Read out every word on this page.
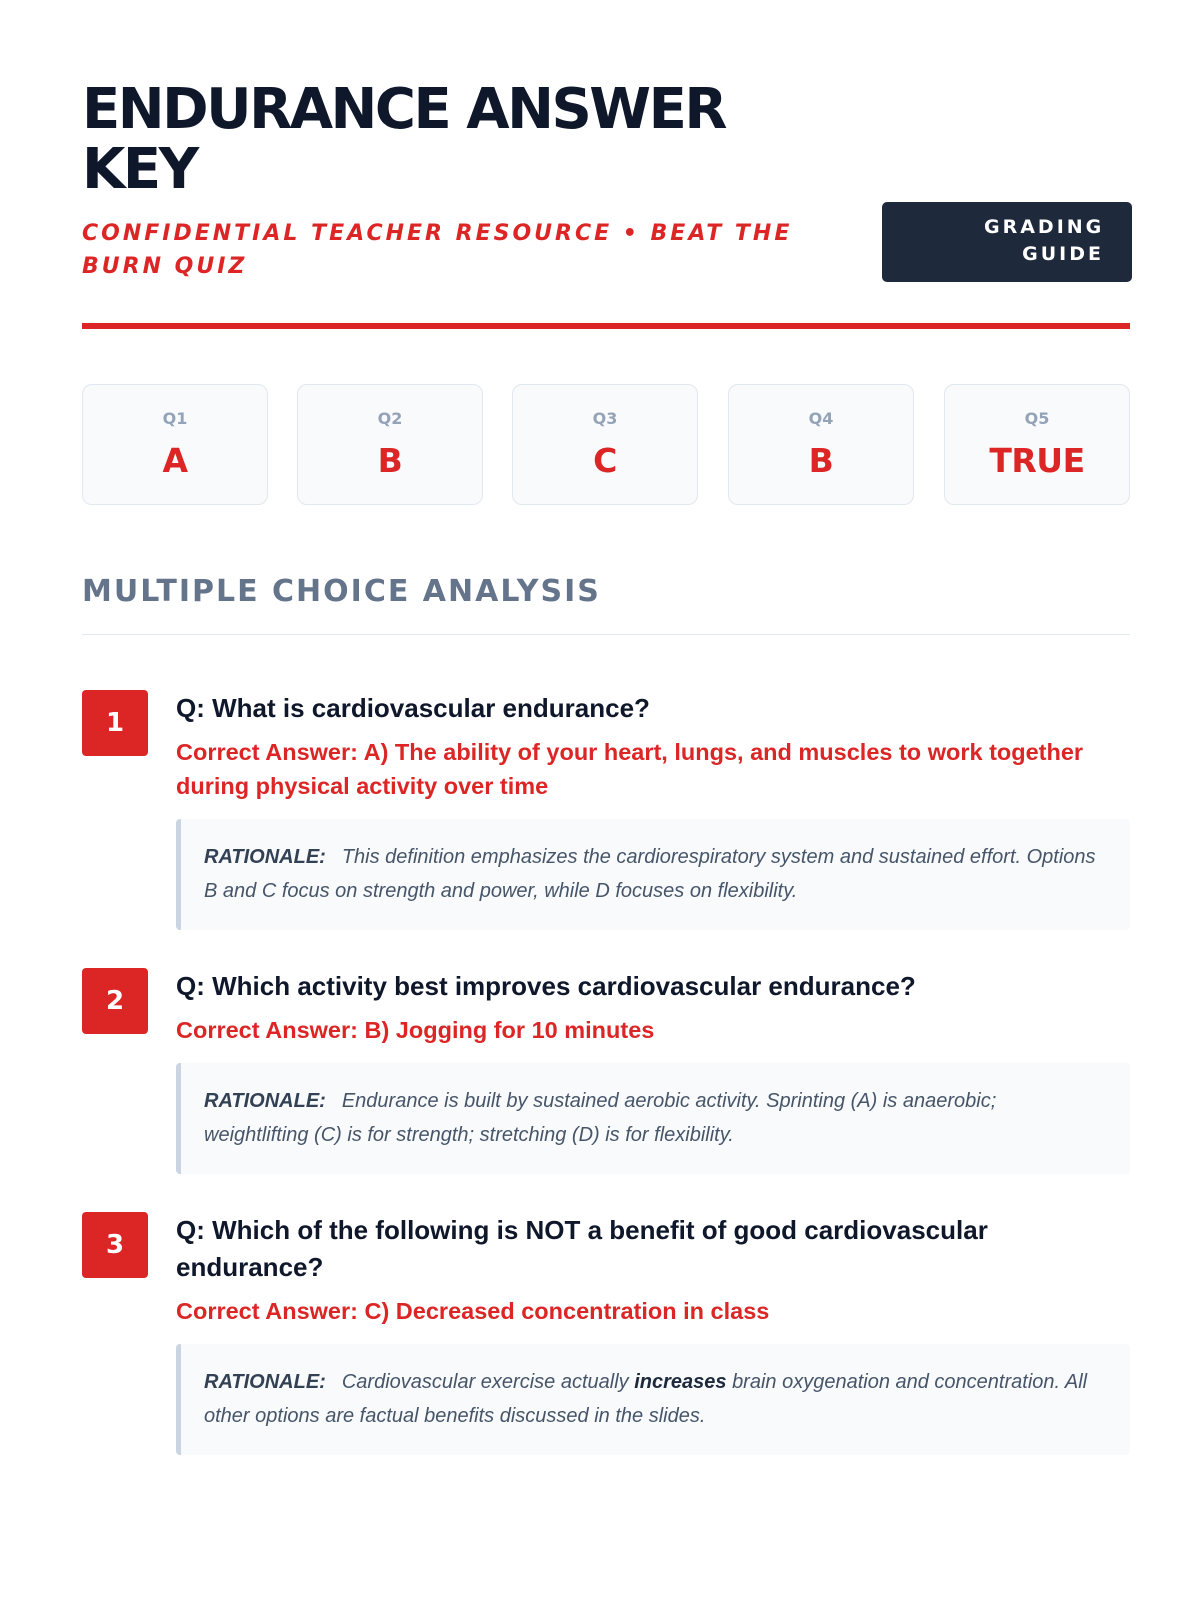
ENDURANCE ANSWER KEY
CONFIDENTIAL TEACHER RESOURCE • BEAT THE BURN QUIZ
GRADING GUIDE
Q1
A
Q2
B
Q3
C
Q4
B
Q5
TRUE
MULTIPLE CHOICE ANALYSIS
1	Q: What is cardiovascular endurance?

Correct Answer: A) The ability of your heart, lungs, and muscles to work together during physical activity over time

RATIONALE: This definition emphasizes the cardiorespiratory system and sustained effort. Options B and C focus on strength and power, while D focuses on flexibility.
2	Q: Which activity best improves cardiovascular endurance?

Correct Answer: B) Jogging for 10 minutes

RATIONALE: Endurance is built by sustained aerobic activity. Sprinting (A) is anaerobic; weightlifting (C) is for strength; stretching (D) is for flexibility.
3	Q: Which of the following is NOT a benefit of good cardiovascular endurance?

Correct Answer: C) Decreased concentration in class

RATIONALE: Cardiovascular exercise actually increases brain oxygenation and concentration. All other options are factual benefits discussed in the slides.
